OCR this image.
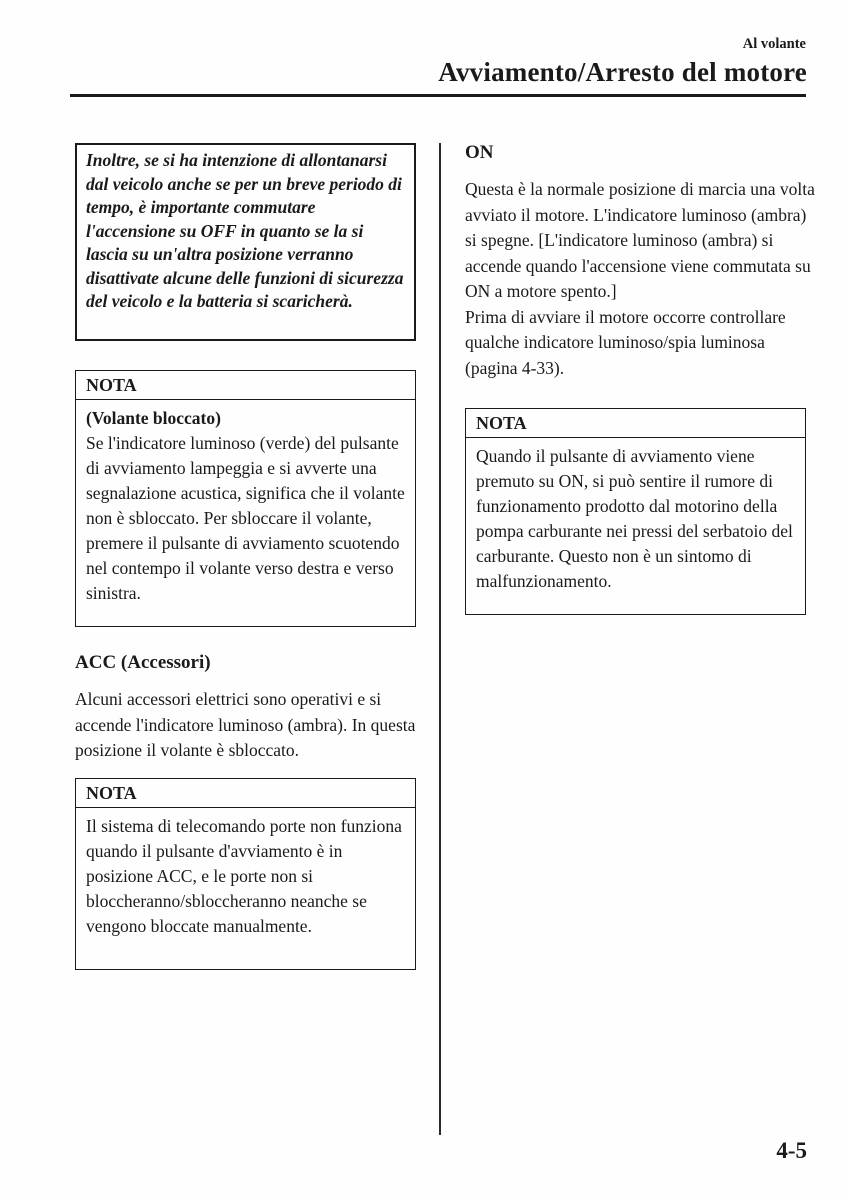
Al volante
Avviamento/Arresto del motore
Inoltre, se si ha intenzione di allontanarsi dal veicolo anche se per un breve periodo di tempo, è importante commutare l'accensione su OFF in quanto se la si lascia su un'altra posizione verranno disattivate alcune delle funzioni di sicurezza del veicolo e la batteria si scaricherà.
NOTA
(Volante bloccato)
Se l'indicatore luminoso (verde) del pulsante di avviamento lampeggia e si avverte una segnalazione acustica, significa che il volante non è sbloccato. Per sbloccare il volante, premere il pulsante di avviamento scuotendo nel contempo il volante verso destra e verso sinistra.
ACC (Accessori)
Alcuni accessori elettrici sono operativi e si accende l'indicatore luminoso (ambra). In questa posizione il volante è sbloccato.
NOTA
Il sistema di telecomando porte non funziona quando il pulsante d'avviamento è in posizione ACC, e le porte non si bloccheranno/sbloccheranno neanche se vengono bloccate manualmente.
ON
Questa è la normale posizione di marcia una volta avviato il motore. L'indicatore luminoso (ambra) si spegne. [L'indicatore luminoso (ambra) si accende quando l'accensione viene commutata su ON a motore spento.]
Prima di avviare il motore occorre controllare qualche indicatore luminoso/spia luminosa (pagina 4-33).
NOTA
Quando il pulsante di avviamento viene premuto su ON, si può sentire il rumore di funzionamento prodotto dal motorino della pompa carburante nei pressi del serbatoio del carburante. Questo non è un sintomo di malfunzionamento.
4-5
